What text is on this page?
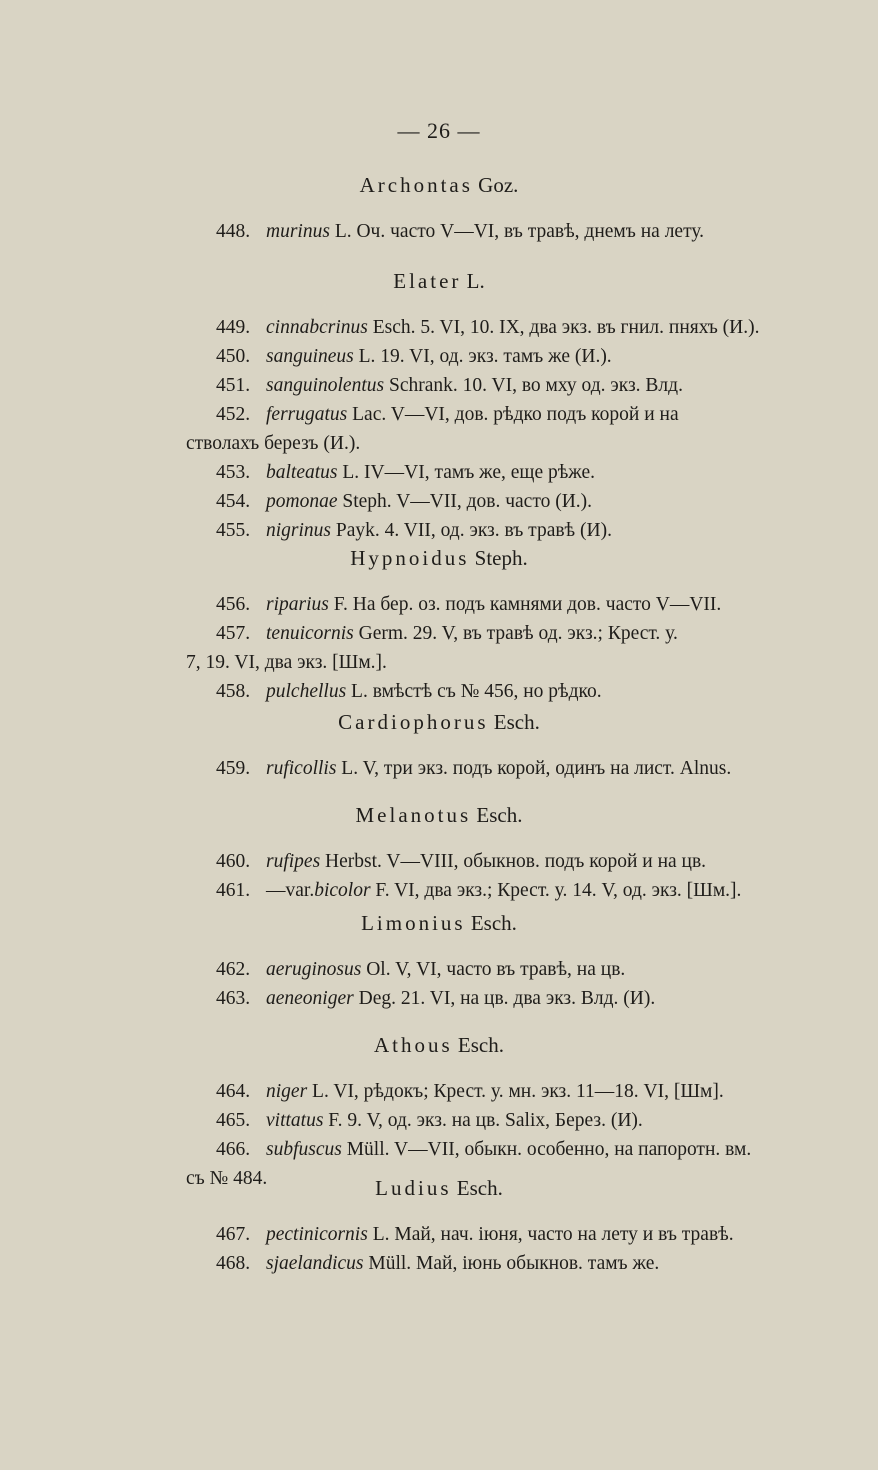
— 26 —
Archontas Goz.
448. murinus L. Оч. часто V—VI, въ травѣ, днемъ на лету.
Elater L.
449. cinnabcrinus Esch. 5. VI, 10. IX, два экз. въ гнил. пняхъ (И.).
450. sanguineus L. 19. VI, од. экз. тамъ же (И.).
451. sanguinolentus Schrank. 10. VI, во мху од. экз. Влд.
452. ferrugatus Lac. V—VI, дов. рѣдко подъ корой и на
стволахъ березъ (И.).
453. balteatus L. IV—VI, тамъ же, еще рѣже.
454. pomonae Steph. V—VII, дов. часто (И.).
455. nigrinus Payk. 4. VII, од. экз. въ травѣ (И).
Hypnoidus Steph.
456. riparius F. На бер. оз. подъ камнями дов. часто V—VII.
457. tenuicornis Germ. 29. V, въ травѣ од. экз.; Крест. у.
7, 19. VI, два экз. [Шм.].
458. pulchellus L. вмѣстѣ съ № 456, но рѣдко.
Cardiophorus Esch.
459. ruficollis L. V, три экз. подъ корой, одинъ на лист. Alnus.
Melanotus Esch.
460. rufipes Herbst. V—VIII, обыкнов. подъ корой и на цв.
461. —var.bicolor F. VI, два экз.; Крест. у. 14. V, од. экз. [Шм.].
Limonius Esch.
462. aeruginosus Ol. V, VI, часто въ травѣ, на цв.
463. aeneoniger Deg. 21. VI, на цв. два экз. Влд. (И).
Athous Esch.
464. niger L. VI, рѣдокъ; Крест. у. мн. экз. 11—18. VI, [Шм].
465. vittatus F. 9. V, од. экз. на цв. Salix, Берез. (И).
466. subfuscus Müll. V—VII, обыкн. особенно, на папоротн. вм.
съ № 484.	Ludius Esch.
467. pectinicornis L. Май, нач. іюня, часто на лету и въ травѣ.
468. sjaelandicus Müll. Май, іюнь обыкнов. тамъ же.
